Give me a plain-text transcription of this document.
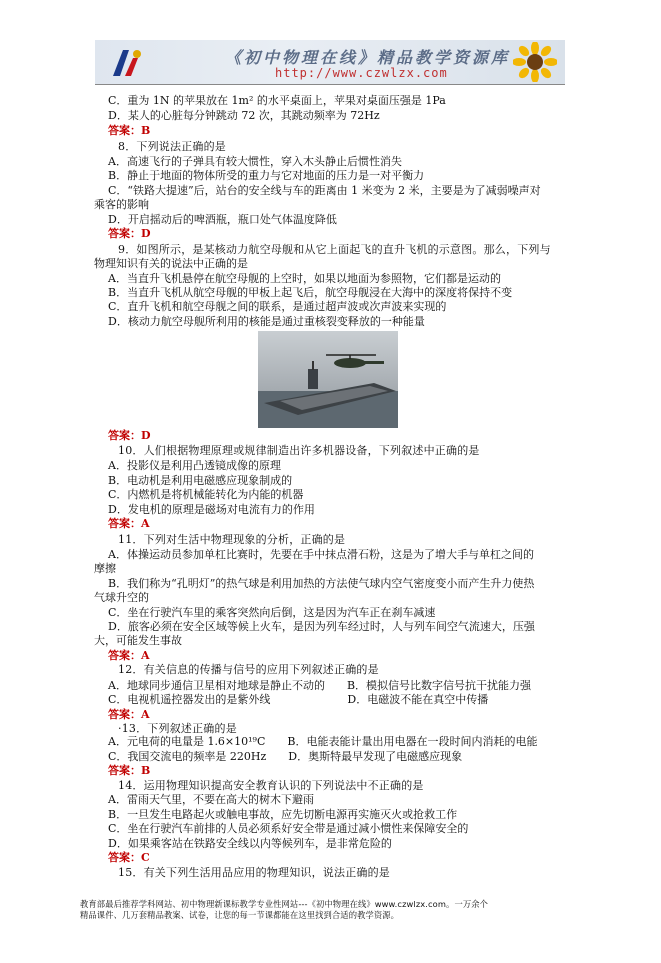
《初中物理在线》精品教学资源库
http://www.czwlzx.com
C．重为 1N 的苹果放在 1m² 的水平桌面上，苹果对桌面压强是 1Pa
D．某人的心脏每分钟跳动 72 次，其跳动频率为 72Hz
答案：B
8．下列说法正确的是
A．高速飞行的子弹具有较大惯性，穿入木头静止后惯性消失
B．静止于地面的物体所受的重力与它对地面的压力是一对平衡力
C．“铁路大提速”后，站台的安全线与车的距离由 1 米变为 2 米，主要是为了减弱噪声对
乘客的影响
D．开启摇动后的啤酒瓶，瓶口处气体温度降低
答案：D
9．如图所示，是某核动力航空母舰和从它上面起飞的直升飞机的示意图。那么，下列与
物理知识有关的说法中正确的是
A．当直升飞机悬停在航空母舰的上空时，如果以地面为参照物，它们都是运动的
B．当直升飞机从航空母舰的甲板上起飞后，航空母舰浸在大海中的深度将保持不变
C．直升飞机和航空母舰之间的联系，是通过超声波或次声波来实现的
D．核动力航空母舰所利用的核能是通过重核裂变释放的一种能量
答案：D
10．人们根据物理原理或规律制造出许多机器设备，下列叙述中正确的是
A．投影仪是利用凸透镜成像的原理
B．电动机是利用电磁感应现象制成的
C．内燃机是将机械能转化为内能的机器
D．发电机的原理是磁场对电流有力的作用
答案：A
11．下列对生活中物理现象的分析，正确的是
A．体操运动员参加单杠比赛时，先要在手中抹点滑石粉，这是为了增大手与单杠之间的
摩擦
B．我们称为“孔明灯”的热气球是利用加热的方法使气球内空气密度变小而产生升力使热
气球升空的
C．坐在行驶汽车里的乘客突然向后倒，这是因为汽车正在刹车减速
D．旅客必须在安全区域等候上火车，是因为列车经过时，人与列车间空气流速大，压强
大，可能发生事故
答案：A
12．有关信息的传播与信号的应用下列叙述正确的是
A．地球同步通信卫星相对地球是静止不动的　　B．模拟信号比数字信号抗干扰能力强
C．电视机遥控器发出的是紫外线　　　　　　　D．电磁波不能在真空中传播
答案：A
·13．下列叙述正确的是
A．元电荷的电量是 1.6×10¹⁹C　　B．电能表能计量出用电器在一段时间内消耗的电能
C．我国交流电的频率是 220Hz　　D．奥斯特最早发现了电磁感应现象
答案：B
14．运用物理知识提高安全教育认识的下列说法中不正确的是
A．雷雨天气里，不要在高大的树木下避雨
B．一旦发生电路起火或触电事故，应先切断电源再实施灭火或抢救工作
C．坐在行驶汽车前排的人员必须系好安全带是通过减小惯性来保障安全的
D．如果乘客站在铁路安全线以内等候列车，是非常危险的
答案：C
15．有关下列生活用品应用的物理知识，说法正确的是
教育部最后推荐学科网站、初中物理新课标教学专业性网站---《初中物理在线》www.czwlzx.com。一万余个
精品课件、几万套精品教案、试卷，让您的每一节课都能在这里找到合适的教学资源。
